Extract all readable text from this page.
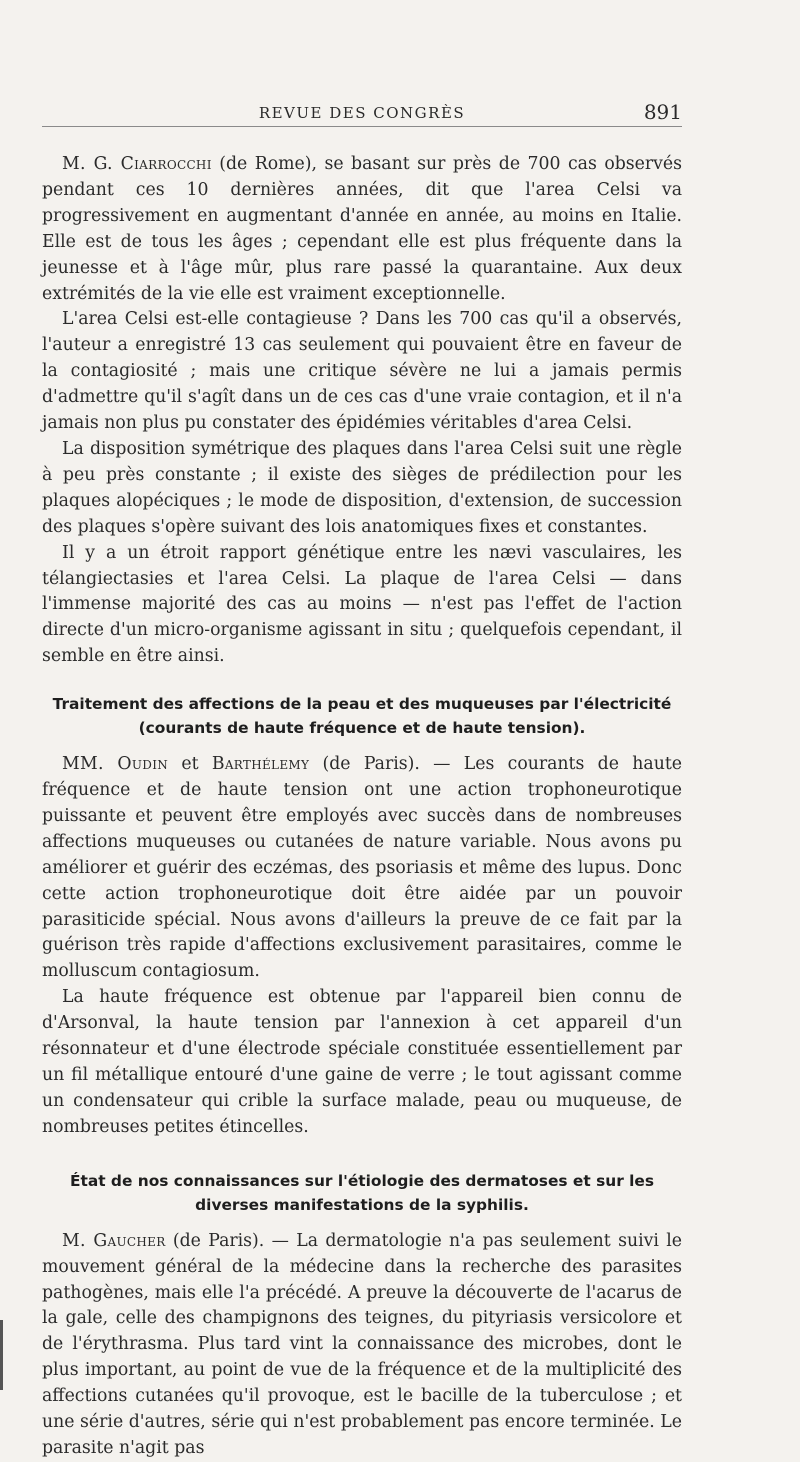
REVUE DES CONGRÈS	891

M. G. Ciarrocchi (de Rome), se basant sur près de 700 cas observés pendant ces 10 dernières années, dit que l'area Celsi va progressivement en augmentant d'année en année, au moins en Italie. Elle est de tous les âges ; cependant elle est plus fréquente dans la jeunesse et à l'âge mûr, plus rare passé la quarantaine. Aux deux extrémités de la vie elle est vraiment exceptionnelle.

L'area Celsi est-elle contagieuse ? Dans les 700 cas qu'il a observés, l'auteur a enregistré 13 cas seulement qui pouvaient être en faveur de la contagiosité ; mais une critique sévère ne lui a jamais permis d'admettre qu'il s'agît dans un de ces cas d'une vraie contagion, et il n'a jamais non plus pu constater des épidémies véritables d'area Celsi.

La disposition symétrique des plaques dans l'area Celsi suit une règle à peu près constante ; il existe des sièges de prédilection pour les plaques alopéciques ; le mode de disposition, d'extension, de succession des plaques s'opère suivant des lois anatomiques fixes et constantes.

Il y a un étroit rapport génétique entre les nævi vasculaires, les télangiectasies et l'area Celsi. La plaque de l'area Celsi — dans l'immense majorité des cas au moins — n'est pas l'effet de l'action directe d'un micro-organisme agissant in situ ; quelquefois cependant, il semble en être ainsi.

Traitement des affections de la peau et des muqueuses par l'électricité (courants de haute fréquence et de haute tension).

MM. Oudin et Barthélemy (de Paris). — Les courants de haute fréquence et de haute tension ont une action trophoneurotique puissante et peuvent être employés avec succès dans de nombreuses affections muqueuses ou cutanées de nature variable. Nous avons pu améliorer et guérir des eczémas, des psoriasis et même des lupus. Donc cette action trophoneurotique doit être aidée par un pouvoir parasiticide spécial. Nous avons d'ailleurs la preuve de ce fait par la guérison très rapide d'affections exclusivement parasitaires, comme le molluscum contagiosum.

La haute fréquence est obtenue par l'appareil bien connu de d'Arsonval, la haute tension par l'annexion à cet appareil d'un résonnateur et d'une électrode spéciale constituée essentiellement par un fil métallique entouré d'une gaine de verre ; le tout agissant comme un condensateur qui crible la surface malade, peau ou muqueuse, de nombreuses petites étincelles.

État de nos connaissances sur l'étiologie des dermatoses et sur les diverses manifestations de la syphilis.

M. Gaucher (de Paris). — La dermatologie n'a pas seulement suivi le mouvement général de la médecine dans la recherche des parasites pathogènes, mais elle l'a précédé. A preuve la découverte de l'acarus de la gale, celle des champignons des teignes, du pityriasis versicolore et de l'érythrasma. Plus tard vint la connaissance des microbes, dont le plus important, au point de vue de la fréquence et de la multiplicité des affections cutanées qu'il provoque, est le bacille de la tuberculose ; et une série d'autres, série qui n'est probablement pas encore terminée. Le parasite n'agit pas
